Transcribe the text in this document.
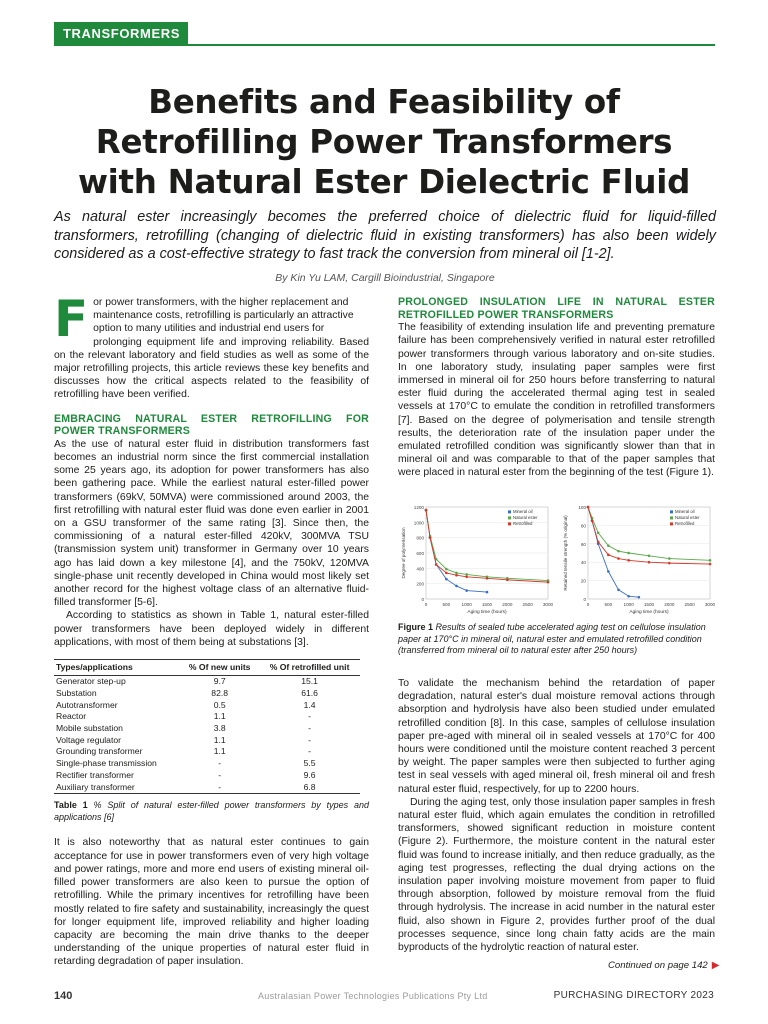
TRANSFORMERS
Benefits and Feasibility of
Retrofilling Power Transformers
with Natural Ester Dielectric Fluid

As natural ester increasingly becomes the preferred choice of dielectric fluid for liquid-filled transformers, retrofilling (changing of dielectric fluid in existing transformers) has also been widely considered as a cost-effective strategy to fast track the conversion from mineral oil [1-2].

By Kin Yu LAM, Cargill Bioindustrial, Singapore

F or power transformers, with the higher replacement and
maintenance costs, retrofilling is particularly an attractive
option to many utilities and industrial end users for
prolonging equipment life and improving reliability. Based on the relevant laboratory and field studies as well as some of the major retrofilling projects, this article reviews these key benefits and discusses how the critical aspects related to the feasibility of retrofilling have been verified.

EMBRACING NATURAL ESTER RETROFILLING FOR POWER TRANSFORMERS

As the use of natural ester fluid in distribution transformers fast becomes an industrial norm since the first commercial installation some 25 years ago, its adoption for power transformers has also been gathering pace. While the earliest natural ester-filled power transformers (69kV, 50MVA) were commissioned around 2003, the first retrofilling with natural ester fluid was done even earlier in 2001 on a GSU transformer of the same rating [3]. Since then, the commissioning of a natural ester-filled 420kV, 300MVA TSU (transmission system unit) transformer in Germany over 10 years ago has laid down a key milestone [4], and the 750kV, 120MVA single-phase unit recently developed in China would most likely set another record for the highest voltage class of an alternative fluid-filled transformer [5-6].

According to statistics as shown in Table 1, natural ester-filled power transformers have been deployed widely in different applications, with most of them being at substations [3].

Types/applications	% Of new units	% Of retrofilled unit
Generator step-up	9.7	15.1
Substation	82.8	61.6
Autotransformer	0.5	1.4
Reactor	1.1	-
Mobile substation	3.8	-
Voltage regulator	1.1	-
Grounding transformer	1.1	-
Single-phase transmission	-	5.5
Rectifier transformer	-	9.6
Auxiliary transformer	-	6.8

Table 1 % Split of natural ester-filled power transformers by types and applications [6]

It is also noteworthy that as natural ester continues to gain acceptance for use in power transformers even of very high voltage and power ratings, more and more end users of existing mineral oil-filled power transformers are also keen to pursue the option of retrofilling. While the primary incentives for retrofilling have been mostly related to fire safety and sustainability, increasingly the quest for longer equipment life, improved reliability and higher loading capacity are becoming the main drive thanks to the deeper understanding of the unique properties of natural ester fluid in retarding degradation of paper insulation.

PROLONGED INSULATION LIFE IN NATURAL ESTER RETROFILLED POWER TRANSFORMERS

The feasibility of extending insulation life and preventing premature failure has been comprehensively verified in natural ester retrofilled power transformers through various laboratory and on-site studies. In one laboratory study, insulating paper samples were first immersed in mineral oil for 250 hours before transferring to natural ester fluid during the accelerated thermal aging test in sealed vessels at 170°C to emulate the condition in retrofilled transformers [7]. Based on the degree of polymerisation and tensile strength results, the deterioration rate of the insulation paper under the emulated retrofilled condition was significantly slower than that in mineral oil and was comparable to that of the paper samples that were placed in natural ester from the beginning of the test (Figure 1).

0
200
400
600
800
1000
1200
0	500 1000 1500 2000 2500 3000
Aging time (hours)
Degree of polymerisation
Mineral oil
Natural ester
Retrofilled
0
20
40
60
80
100
0	500 1000 1500 2000 2500 3000
Aging time (hours)
Retained tensile strength (% original)
Mineral oil
Natural ester
Retrofilled
Figure 1 Results of sealed tube accelerated aging test on cellulose insulation paper at 170°C in mineral oil, natural ester and emulated retrofilled condition (transferred from mineral oil to natural ester after 250 hours)

To validate the mechanism behind the retardation of paper degradation, natural ester's dual moisture removal actions through absorption and hydrolysis have also been studied under emulated retrofilled condition [8]. In this case, samples of cellulose insulation paper pre-aged with mineral oil in sealed vessels at 170°C for 400 hours were conditioned until the moisture content reached 3 percent by weight. The paper samples were then subjected to further aging test in seal vessels with aged mineral oil, fresh mineral oil and fresh natural ester fluid, respectively, for up to 2200 hours.

During the aging test, only those insulation paper samples in fresh natural ester fluid, which again emulates the condition in retrofilled transformers, showed significant reduction in moisture content (Figure 2). Furthermore, the moisture content in the natural ester fluid was found to increase initially, and then reduce gradually, as the aging test progresses, reflecting the dual drying actions on the insulation paper involving moisture movement from paper to fluid through absorption, followed by moisture removal from the fluid through hydrolysis. The increase in acid number in the natural ester fluid, also shown in Figure 2, provides further proof of the dual processes sequence, since long chain fatty acids are the main byproducts of the hydrolytic reaction of natural ester.

Continued on page 142 ▶
140	Australasian Power Technologies Publications Pty Ltd	PURCHASING DIRECTORY 2023
